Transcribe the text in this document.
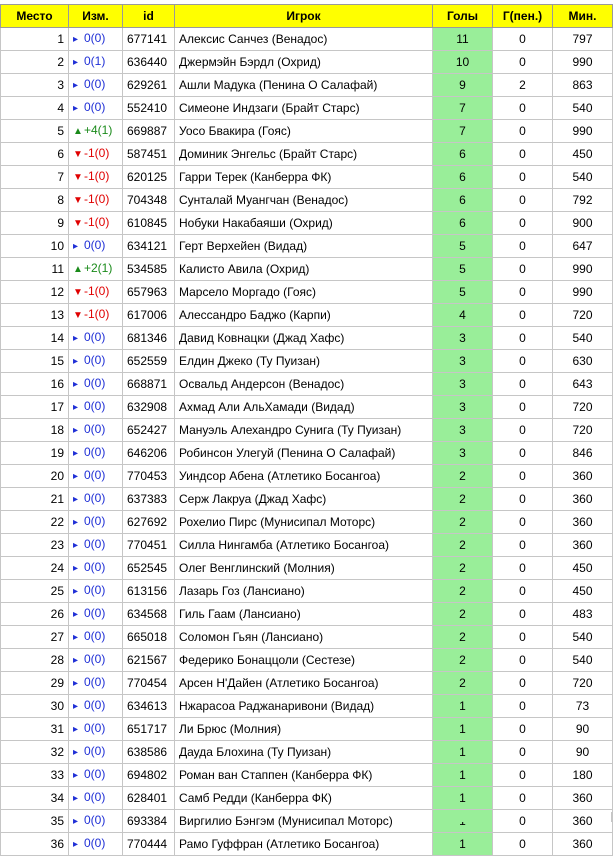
Место	Изм.	id	Игрок	Голы	Г(пен.)	Мин.
1	▸ 0(0)	677141	Алексис Санчез (Венадос)	11	0	797
2	▸ 0(1)	636440	Джермэйн Бэрдл (Охрид)	10	0	990
3	▸ 0(0)	629261	Ашли Мадука (Пенина О Салафай)	9	2	863
4	▸ 0(0)	552410	Симеоне Индзаги (Брайт Старс)	7	0	540
5	▲+4(1)	669887	Уосо Бвакира (Гояс)	7	0	990
6	▼-1(0)	587451	Доминик Энгельс (Брайт Старс)	6	0	450
7	▼-1(0)	620125	Гарри Терек (Канберра ФК)	6	0	540
8	▼-1(0)	704348	Сунталай Муангчан (Венадос)	6	0	792
9	▼-1(0)	610845	Нобуки Накабаяши (Охрид)	6	0	900
10	▸ 0(0)	634121	Герт Верхейен (Видад)	5	0	647
11	▲+2(1)	534585	Калисто Авила (Охрид)	5	0	990
12	▼-1(0)	657963	Марсело Моргадо (Гояс)	5	0	990
13	▼-1(0)	617006	Алессандро Баджо (Карпи)	4	0	720
14	▸ 0(0)	681346	Давид Ковнацки (Джад Хафс)	3	0	540
15	▸ 0(0)	652559	Елдин Джеко (Ту Пуизан)	3	0	630
16	▸ 0(0)	668871	Освальд Андерсон (Венадос)	3	0	643
17	▸ 0(0)	632908	Ахмад Али АльХамади (Видад)	3	0	720
18	▸ 0(0)	652427	Мануэль Алехандро Сунига (Ту Пуизан)	3	0	720
19	▸ 0(0)	646206	Робинсон Улегуй (Пенина О Салафай)	3	0	846
20	▸ 0(0)	770453	Уиндсор Абена (Атлетико Босангоа)	2	0	360
21	▸ 0(0)	637383	Серж Лакруа (Джад Хафс)	2	0	360
22	▸ 0(0)	627692	Рохелио Пирс (Мунисипал Моторс)	2	0	360
23	▸ 0(0)	770451	Силла Нингамба (Атлетико Босангоа)	2	0	360
24	▸ 0(0)	652545	Олег Венглинский (Молния)	2	0	450
25	▸ 0(0)	613156	Лазарь Гоз (Лансиано)	2	0	450
26	▸ 0(0)	634568	Гиль Гаам (Лансиано)	2	0	483
27	▸ 0(0)	665018	Соломон Гьян (Лансиано)	2	0	540
28	▸ 0(0)	621567	Федерико Бонаццоли (Сестезе)	2	0	540
29	▸ 0(0)	770454	Арсен Н'Дайен (Атлетико Босангоа)	2	0	720
30	▸ 0(0)	634613	Нжарасоа Раджанаривони (Видад)	1	0	73
31	▸ 0(0)	651717	Ли Брюс (Молния)	1	0	90
32	▸ 0(0)	638586	Дауда Блохина (Ту Пуизан)	1	0	90
33	▸ 0(0)	694802	Роман ван Стаппен (Канберра ФК)	1	0	180
34	▸ 0(0)	628401	Самб Редди (Канберра ФК)	1	0	360
35	▸ 0(0)	693384	Виргилио Бэнгэм (Мунисипал Моторс)		0	360
36	▸ 0(0)	770444	Рамо Гуффран (Атлетико Босангоа)	1	0	360
